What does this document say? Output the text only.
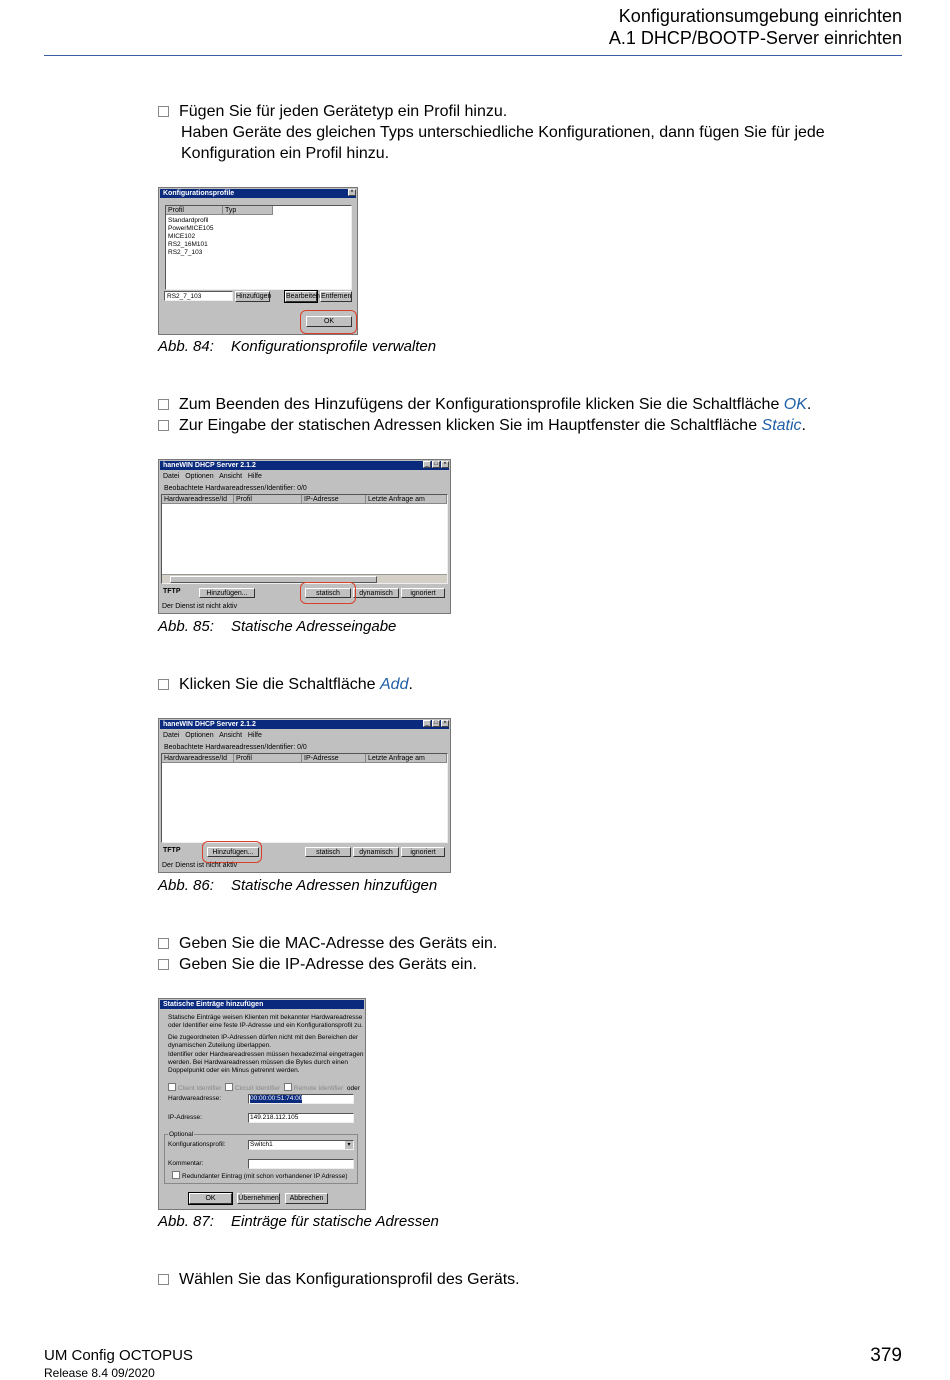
Konfigurationsumgebung einrichten
A.1 DHCP/BOOTP-Server einrichten
Fügen Sie für jeden Gerätetyp ein Profil hinzu.
Haben Geräte des gleichen Typs unterschiedliche Konfigurationen, dann fügen Sie für jede
Konfiguration ein Profil hinzu.
Konfigurationsprofile	×
Profil	Typ
Standardprofil
PowerMICE105
MICE102
RS2_16M101
RS2_7_103
RS2_7_103	Hinzufügen Bearbeiten Entfernen
OK
Abb. 84: Konfigurationsprofile verwalten
Zum Beenden des Hinzufügens der Konfigurationsprofile klicken Sie die Schaltfläche OK.
Zur Eingabe der statischen Adressen klicken Sie im Hauptfenster die Schaltfläche Static.
haneWIN DHCP Server 2.1.2	_ □ ×
Datei Optionen Ansicht Hilfe
Beobachtete Hardwareadressen/Identifier: 0/0
Hardwareadresse/Id	Profil	IP-Adresse	Letzte Anfrage am
TFTP	Hinzufügen...	statisch	dynamisch	ignoriert
Der Dienst ist nicht aktiv
Abb. 85: Statische Adresseingabe
Klicken Sie die Schaltfläche Add.
haneWIN DHCP Server 2.1.2	_ □ ×
Datei Optionen Ansicht Hilfe
Beobachtete Hardwareadressen/Identifier: 0/0
Hardwareadresse/Id	Profil	IP-Adresse	Letzte Anfrage am
TFTP	Hinzufügen...	statisch	dynamisch	ignoriert
Der Dienst ist nicht aktiv
Abb. 86: Statische Adressen hinzufügen
Geben Sie die MAC-Adresse des Geräts ein.
Geben Sie die IP-Adresse des Geräts ein.
Statische Einträge hinzufügen
Statische Einträge weisen Klienten mit bekannter Hardwareadresse
oder Identifier eine feste IP-Adresse und ein Konfigurationsprofil zu.
Die zugeordneten IP-Adressen dürfen nicht mit den Bereichen der
dynamischen Zuteilung überlappen.
Identifier oder Hardwareadressen müssen hexadezimal eingetragen
werden. Bei Hardwareadressen müssen die Bytes durch einen
Doppelpunkt oder ein Minus getrennt werden.
Client Identifier Circuit Identifier Remote Identifier oder
Hardwareadresse:	00:00:00:51:74:00
IP-Adresse:	149.218.112.105
Optional
Konfigurationsprofil:	Switch1	▾
Kommentar:
Redundanter Eintrag (mit schon vorhandener IP Adresse)
OK	Übernehmen	Abbrechen
Abb. 87: Einträge für statische Adressen
Wählen Sie das Konfigurationsprofil des Geräts.
UM Config OCTOPUS
Release 8.4 09/2020
379
